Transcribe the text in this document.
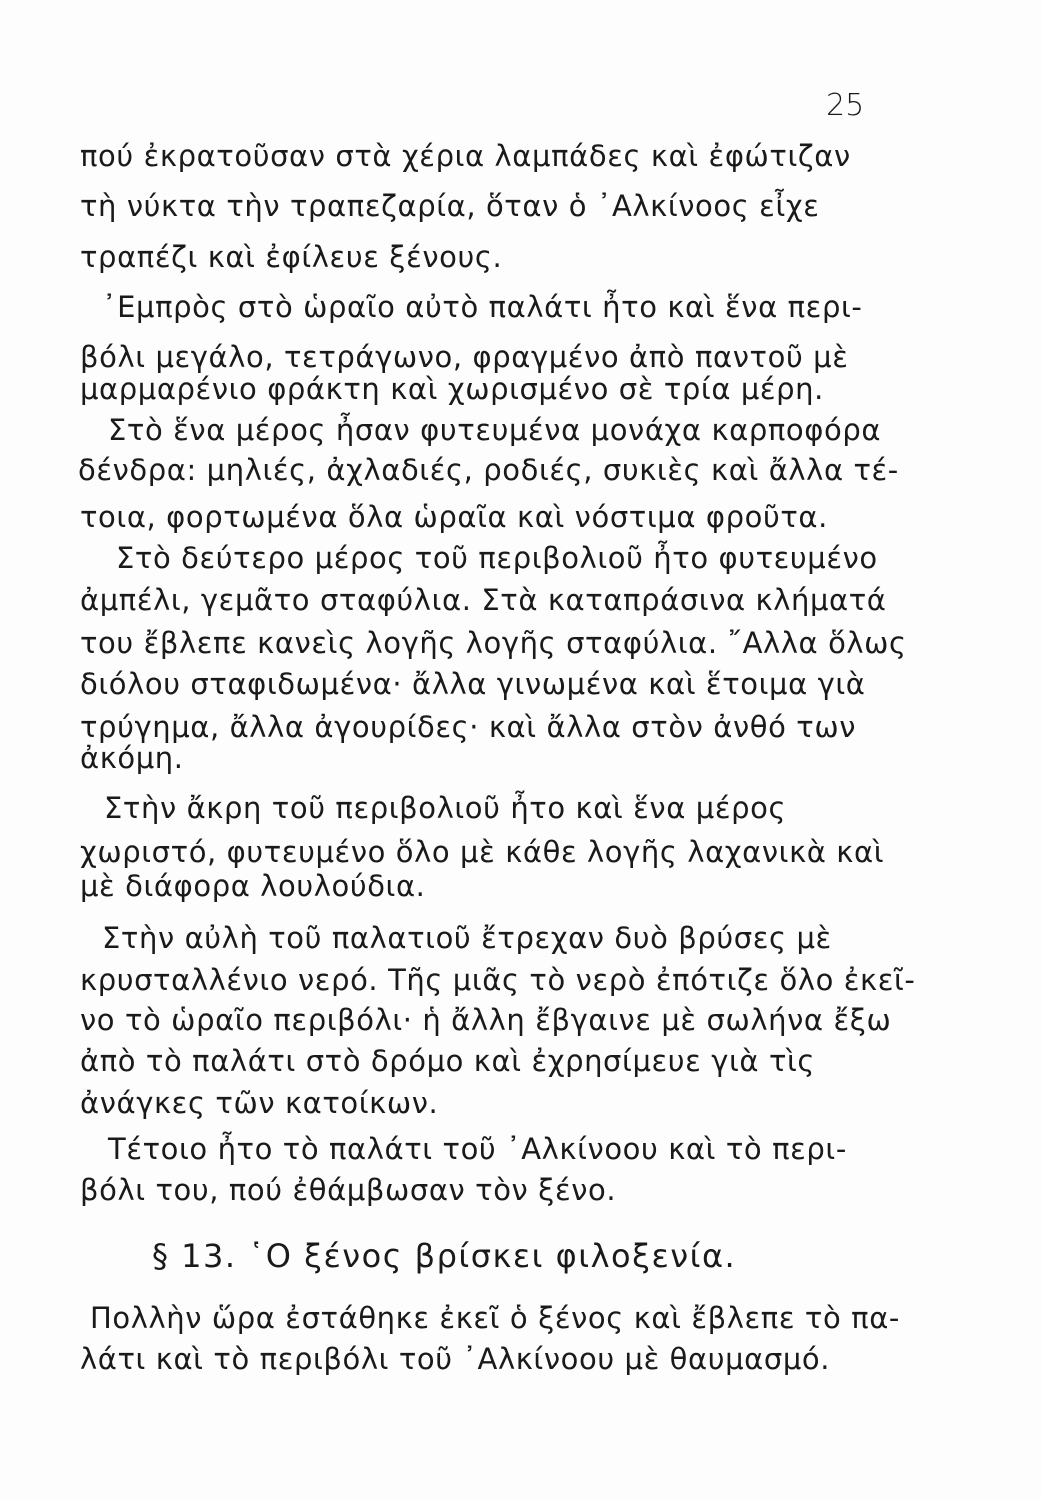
25
πού ἐκρατοῦσαν στὰ χέρια λαμπάδες καὶ ἐφώτιζαν
τὴ νύκτα τὴν τραπεζαρία, ὅταν ὁ ᾿Αλκίνοος εἶχε
τραπέζι καὶ ἐφίλευε ξένους.
᾿Εμπρὸς στὸ ὡραῖο αὐτὸ παλάτι ἦτο καὶ ἕνα περι-
βόλι μεγάλο, τετράγωνο, φραγμένο ἀπὸ παντοῦ μὲ
μαρμαρένιο φράκτη καὶ χωρισμένο σὲ τρία μέρη.
Στὸ ἕνα μέρος ἦσαν φυτευμένα μονάχα καρποφόρα
δένδρα: μηλιές, ἀχλαδιές, ροδιές, συκιὲς καὶ ἄλλα τέ-
τοια, φορτωμένα ὅλα ὡραῖα καὶ νόστιμα φροῦτα.
Στὸ δεύτερο μέρος τοῦ περιβολιοῦ ἦτο φυτευμένο
ἀμπέλι, γεμᾶτο σταφύλια. Στὰ καταπράσινα κλήματά
του ἔβλεπε κανεὶς λογῆς λογῆς σταφύλια. ῎Αλλα ὅλως
διόλου σταφιδωμένα· ἄλλα γινωμένα καὶ ἕτοιμα γιὰ
τρύγημα, ἄλλα ἀγουρίδες· καὶ ἄλλα στὸν ἀνθό των
ἀκόμη.
Στὴν ἄκρη τοῦ περιβολιοῦ ἦτο καὶ ἕνα μέρος
χωριστό, φυτευμένο ὅλο μὲ κάθε λογῆς λαχανικὰ καὶ
μὲ διάφορα λουλούδια.
Στὴν αὐλὴ τοῦ παλατιοῦ ἔτρεχαν δυὸ βρύσες μὲ
κρυσταλλένιο νερό. Τῆς μιᾶς τὸ νερὸ ἐπότιζε ὅλο ἐκεῖ-
νο τὸ ὡραῖο περιβόλι· ἡ ἄλλη ἔβγαινε μὲ σωλήνα ἔξω
ἀπὸ τὸ παλάτι στὸ δρόμο καὶ ἐχρησίμευε γιὰ τὶς
ἀνάγκες τῶν κατοίκων.
Τέτοιο ἦτο τὸ παλάτι τοῦ ᾿Αλκίνοου καὶ τὸ περι-
βόλι του, πού ἐθάμβωσαν τὸν ξένο.
§ 13. ῾Ο ξένος βρίσκει φιλοξενία.
Πολλὴν ὥρα ἐστάθηκε ἐκεῖ ὁ ξένος καὶ ἔβλεπε τὸ πα-
λάτι καὶ τὸ περιβόλι τοῦ ᾿Αλκίνοου μὲ θαυμασμό.
